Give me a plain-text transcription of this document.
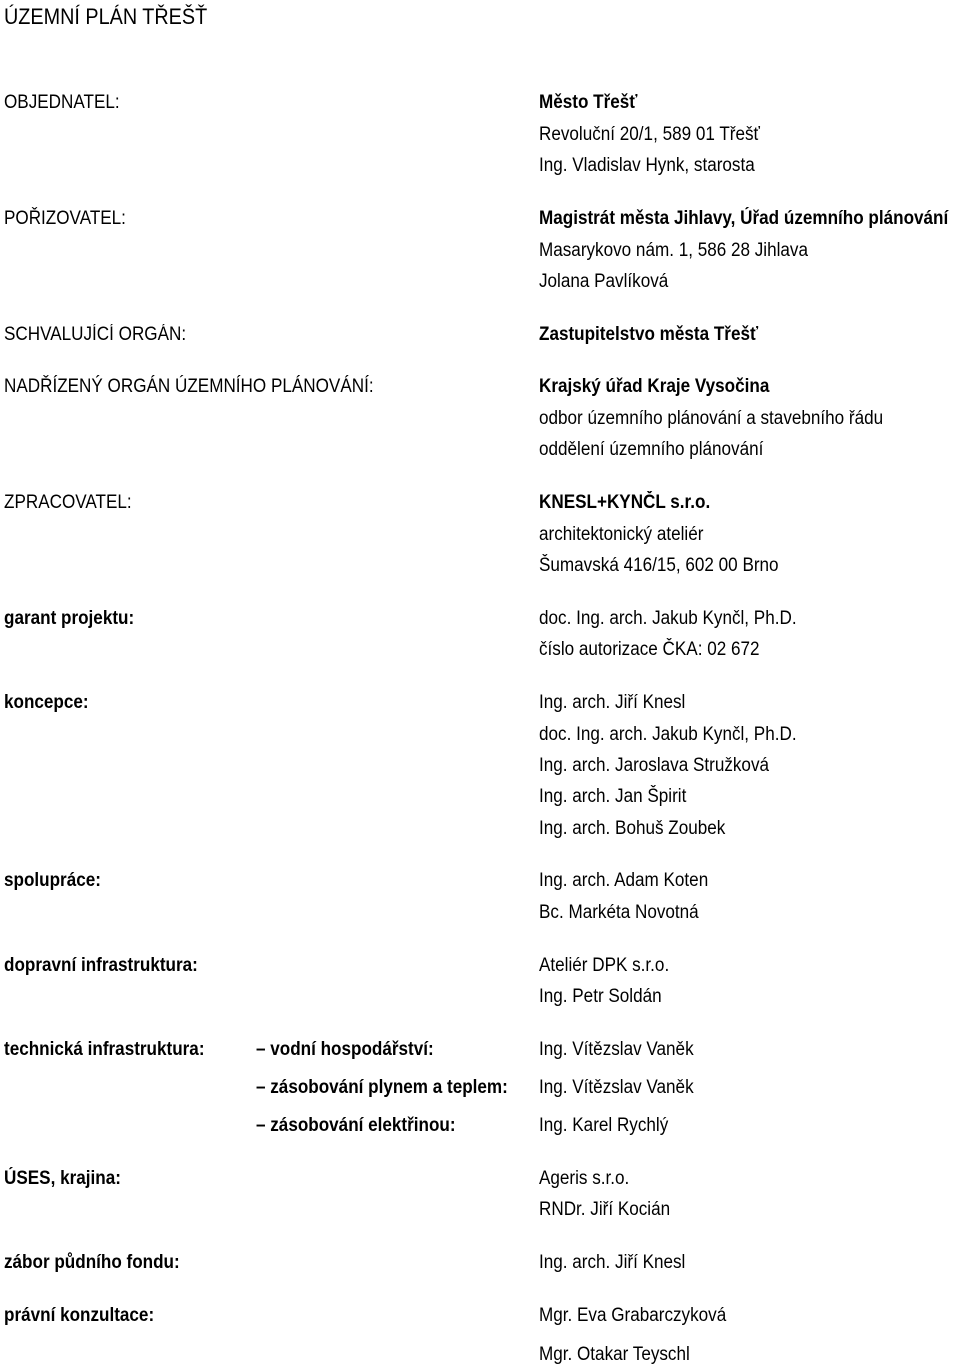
ÚZEMNÍ PLÁN TŘEŠŤ
OBJEDNATEL:	Město Třešť
Revoluční 20/1, 589 01 Třešť
Ing. Vladislav Hynk, starosta
POŘIZOVATEL:	Magistrát města Jihlavy, Úřad územního plánování
Masarykovo nám. 1, 586 28 Jihlava
Jolana Pavlíková
SCHVALUJÍCÍ ORGÁN:	Zastupitelstvo města Třešť
NADŘÍZENÝ ORGÁN ÚZEMNÍHO PLÁNOVÁNÍ:	Krajský úřad Kraje Vysočina
odbor územního plánování a stavebního řádu
oddělení územního plánování
ZPRACOVATEL:	KNESL+KYNČL s.r.o.
architektonický ateliér
Šumavská 416/15, 602 00 Brno
garant projektu:	doc. Ing. arch. Jakub Kynčl, Ph.D.
číslo autorizace ČKA: 02 672
koncepce:	Ing. arch. Jiří Knesl
doc. Ing. arch. Jakub Kynčl, Ph.D.
Ing. arch. Jaroslava Stružková
Ing. arch. Jan Špirit
Ing. arch. Bohuš Zoubek
spolupráce:	Ing. arch. Adam Koten
Bc. Markéta Novotná
dopravní infrastruktura:	Ateliér DPK s.r.o.
Ing. Petr Soldán
technická infrastruktura:	– vodní hospodářství:	Ing. Vítězslav Vaněk
– zásobování plynem a teplem: Ing. Vítězslav Vaněk
– zásobování elektřinou:	Ing. Karel Rychlý
ÚSES, krajina:	Ageris s.r.o.
RNDr. Jiří Kocián
zábor půdního fondu:	Ing. arch. Jiří Knesl
právní konzultace:	Mgr. Eva Grabarczyková
Mgr. Otakar Teyschl
